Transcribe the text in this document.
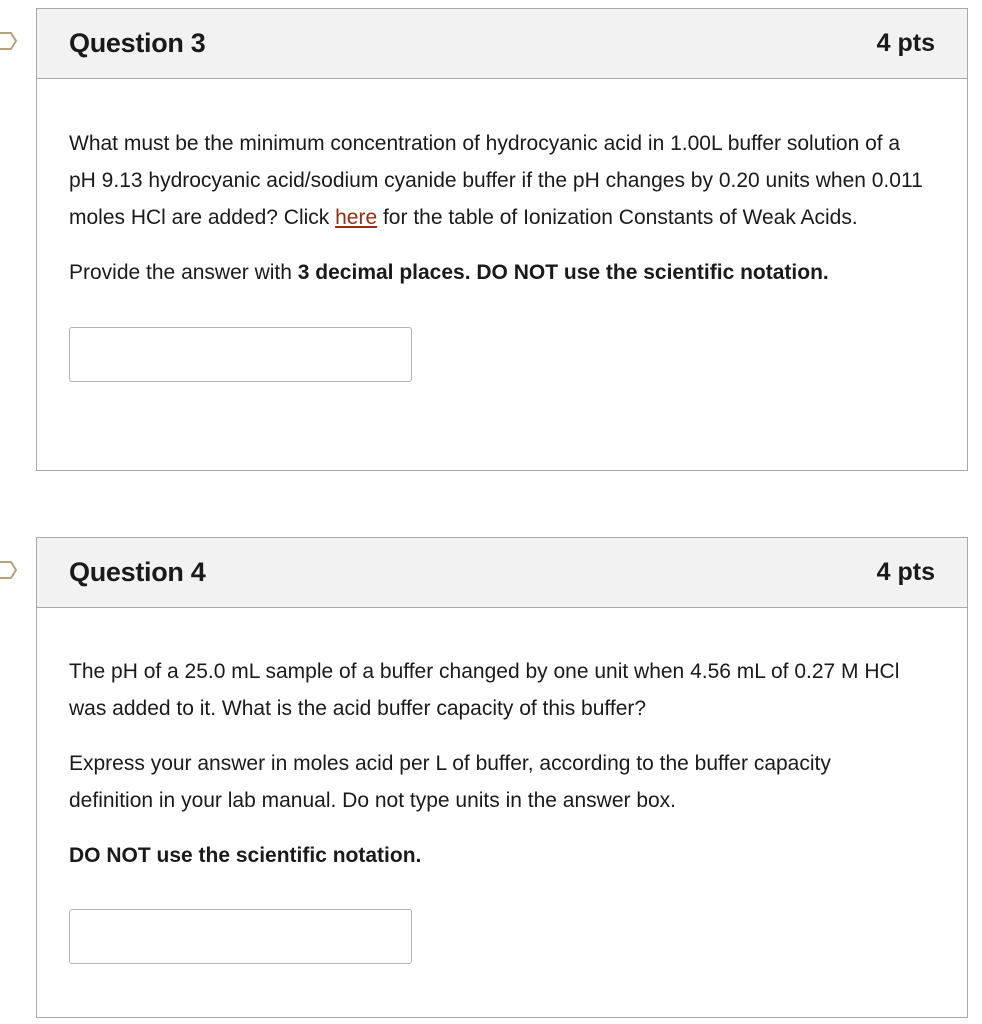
Question 3	4 pts

What must be the minimum concentration of hydrocyanic acid in 1.00L buffer solution of a pH 9.13 hydrocyanic acid/sodium cyanide buffer if the pH changes by 0.20 units when 0.011 moles HCl are added? Click here for the table of Ionization Constants of Weak Acids.

Provide the answer with 3 decimal places. DO NOT use the scientific notation.

Question 4	4 pts

The pH of a 25.0 mL sample of a buffer changed by one unit when 4.56 mL of 0.27 M HCl was added to it. What is the acid buffer capacity of this buffer?

Express your answer in moles acid per L of buffer, according to the buffer capacity definition in your lab manual. Do not type units in the answer box.

DO NOT use the scientific notation.
